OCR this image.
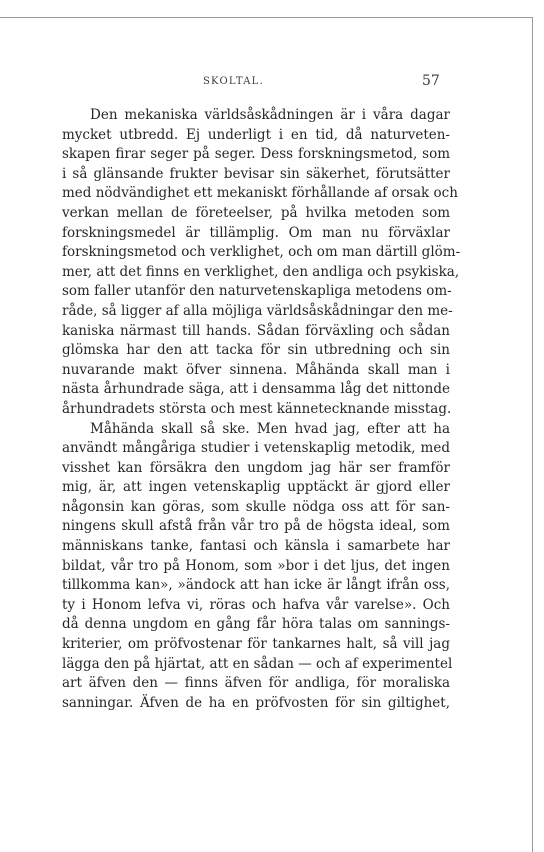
SKOLTAL.	57
Den mekaniska världsåskådningen är i våra dagar
mycket utbredd. Ej underligt i en tid, då naturveten-
skapen firar seger på seger. Dess forskningsmetod, som
i så glänsande frukter bevisar sin säkerhet, förutsätter
med nödvändighet ett mekaniskt förhållande af orsak och
verkan mellan de företeelser, på hvilka metoden som
forskningsmedel är tillämplig. Om man nu förväxlar
forskningsmetod och verklighet, och om man därtill glöm-
mer, att det finns en verklighet, den andliga och psykiska,
som faller utanför den naturvetenskapliga metodens om-
råde, så ligger af alla möjliga världsåskådningar den me-
kaniska närmast till hands. Sådan förväxling och sådan
glömska har den att tacka för sin utbredning och sin
nuvarande makt öfver sinnena. Måhända skall man i
nästa århundrade säga, att i densamma låg det nittonde
århundradets största och mest kännetecknande misstag.
Måhända skall så ske. Men hvad jag, efter att ha
användt mångåriga studier i vetenskaplig metodik, med
visshet kan försäkra den ungdom jag här ser framför
mig, är, att ingen vetenskaplig upptäckt är gjord eller
någonsin kan göras, som skulle nödga oss att för san-
ningens skull afstå från vår tro på de högsta ideal, som
människans tanke, fantasi och känsla i samarbete har
bildat, vår tro på Honom, som »bor i det ljus, det ingen
tillkomma kan», »ändock att han icke är långt ifrån oss,
ty i Honom lefva vi, röras och hafva vår varelse». Och
då denna ungdom en gång får höra talas om sannings-
kriterier, om pröfvostenar för tankarnes halt, så vill jag
lägga den på hjärtat, att en sådan — och af experimentel
art äfven den — finns äfven för andliga, för moraliska
sanningar. Äfven de ha en pröfvosten för sin giltighet,
